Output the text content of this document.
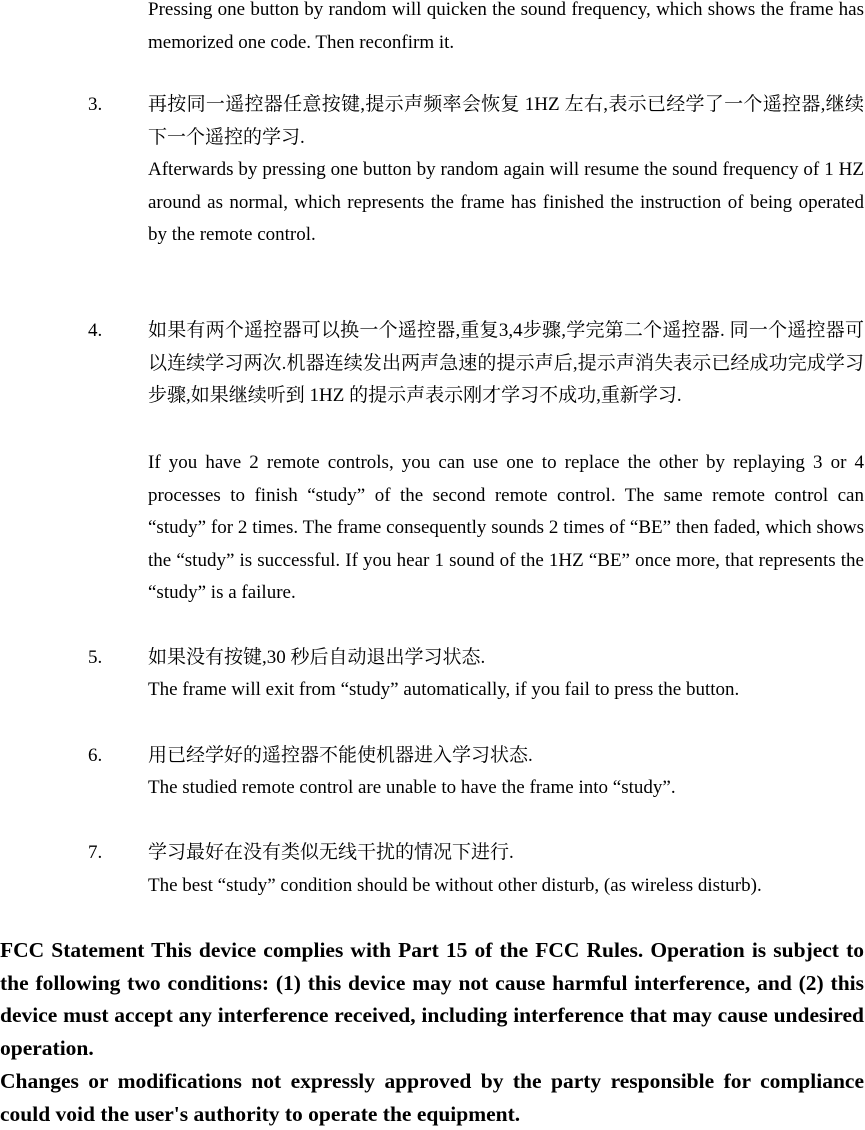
Pressing one button by random will quicken the sound frequency, which shows the frame has memorized one code. Then reconfirm it.
3. 再按同一遥控器任意按键,提示声频率会恢复 1HZ 左右,表示已经学了一个遥控器,继续下一个遥控的学习.
Afterwards by pressing one button by random again will resume the sound frequency of 1 HZ around as normal, which represents the frame has finished the instruction of being operated by the remote control.
4. 如果有两个遥控器可以换一个遥控器,重复3,4步骤,学完第二个遥控器. 同一个遥控器可以连续学习两次.机器连续发出两声急速的提示声后,提示声消失表示已经成功完成学习步骤,如果继续听到 1HZ 的提示声表示刚才学习不成功,重新学习.
If you have 2 remote controls, you can use one to replace the other by replaying 3 or 4 processes to finish “study” of the second remote control. The same remote control can “study” for 2 times. The frame consequently sounds 2 times of “BE” then faded, which shows the “study” is successful. If you hear 1 sound of the 1HZ “BE” once more, that represents the “study” is a failure.
5. 如果没有按键,30 秒后自动退出学习状态.
The frame will exit from “study” automatically, if you fail to press the button.
6. 用已经学好的遥控器不能使机器进入学习状态.
The studied remote control are unable to have the frame into “study”.
7. 学习最好在没有类似无线干扰的情况下进行.
The best “study” condition should be without other disturb, (as wireless disturb).
FCC Statement This device complies with Part 15 of the FCC Rules. Operation is subject to the following two conditions: (1) this device may not cause harmful interference, and (2) this device must accept any interference received, including interference that may cause undesired operation.
Changes or modifications not expressly approved by the party responsible for compliance could void the user's authority to operate the equipment.
